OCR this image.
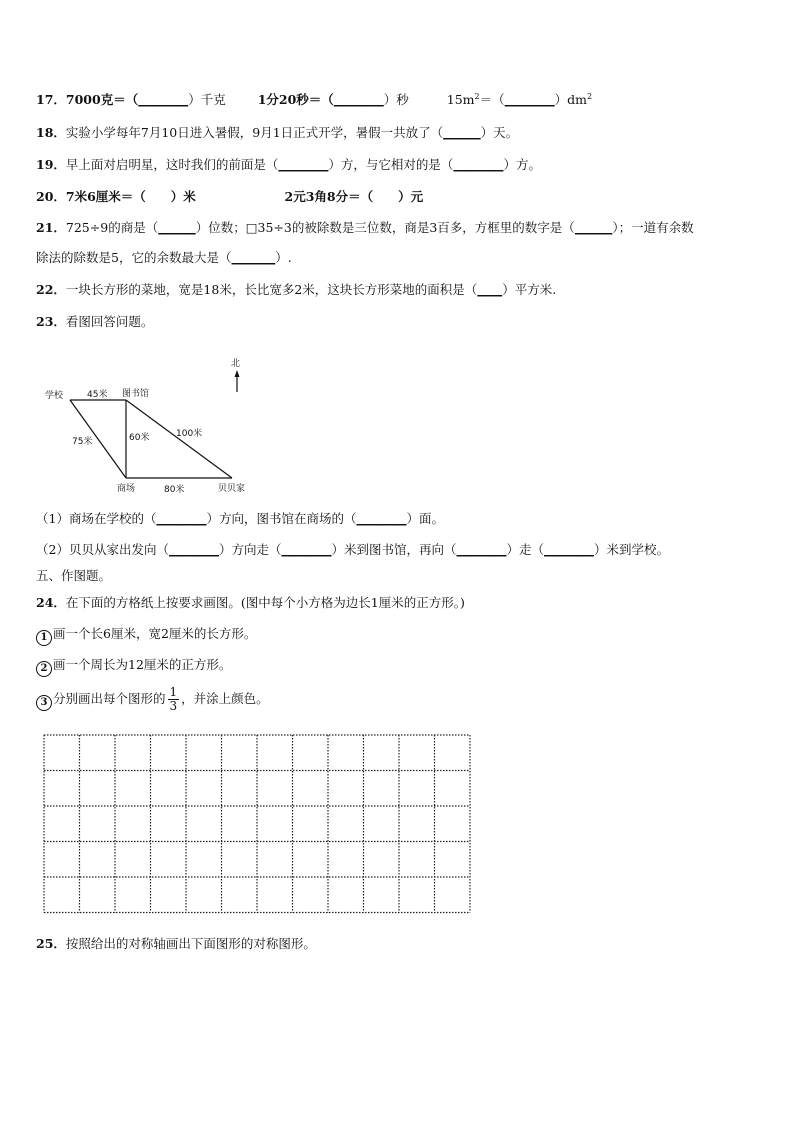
17．7000克＝（________）千克	1分20秒＝（________）秒	$15m^2=(\_\_\_\_\_\_\_\_)dm^2$
18．实验小学每年7月10日进入暑假，9月1日正式开学，暑假一共放了（______）天。
19．早上面对启明星，这时我们的前面是（________）方，与它相对的是（________）方。
20．7米6厘米＝（　　）米	2元3角8分＝（　　）元
21．725÷9的商是（______）位数；□35÷3的被除数是三位数，商是3百多，方框里的数字是（______）；一道有余数
除法的除数是5，它的余数最大是（_______）.
22．一块长方形的菜地，宽是18米，长比宽多2米，这块长方形菜地的面积是（____）平方米.
23．看图回答问题。
北
学校	图书馆
45米
75米	60米	100米
商场	80米	贝贝家
（1）商场在学校的（________）方向，图书馆在商场的（________）面。
（2）贝贝从家出发向（________）方向走（________）米到图书馆，再向（________）走（________）米到学校。
五、作图题。
24．在下面的方格纸上按要求画图。(图中每个小方格为边长1厘米的正方形。)
1 画一个长6厘米，宽2厘米的长方形。
2 画一个周长为12厘米的正方形。
3 分别画出每个图形的 $\frac{1}{3}$ ，并涂上颜色。
25．按照给出的对称轴画出下面图形的对称图形。
